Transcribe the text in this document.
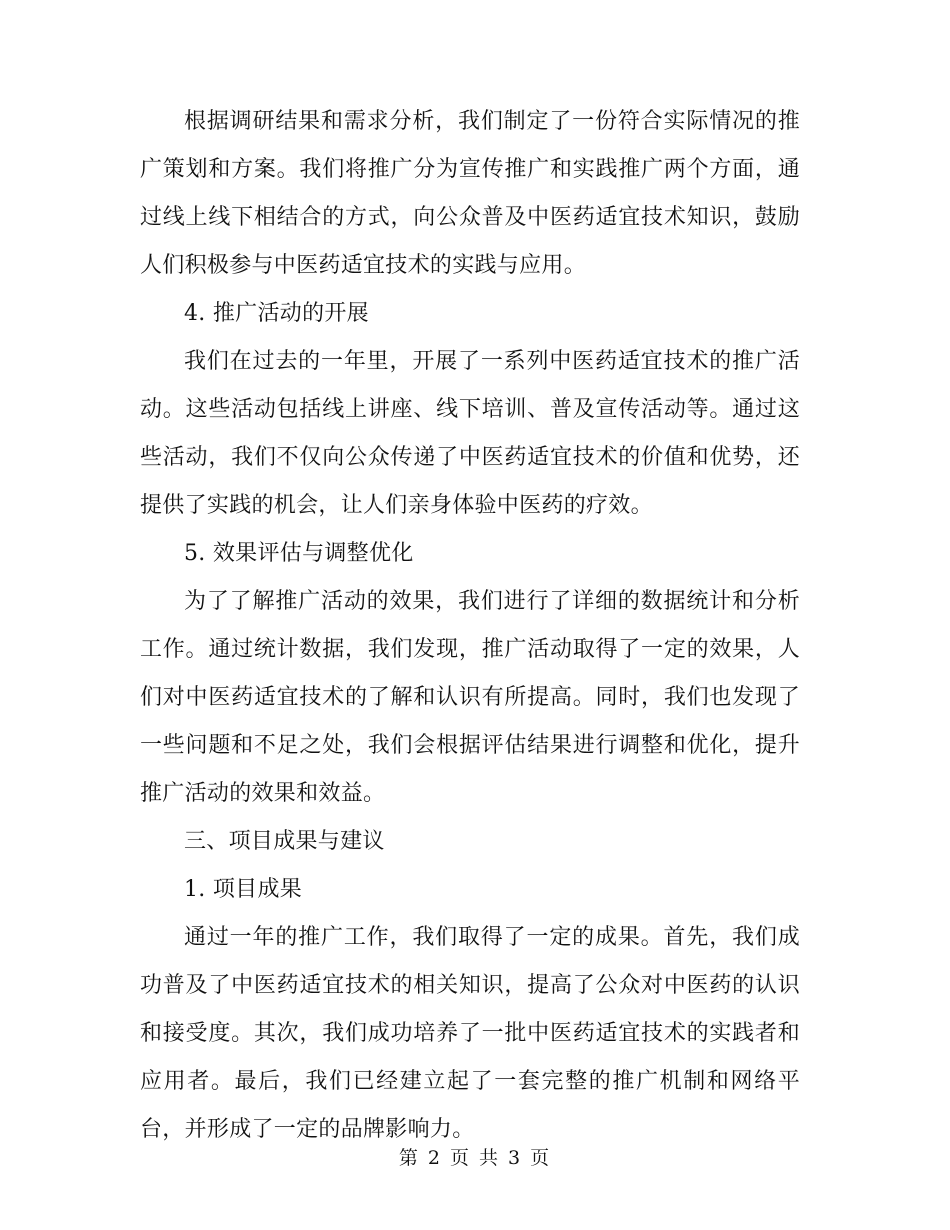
根据调研结果和需求分析，我们制定了一份符合实际情况的推广策划和方案。我们将推广分为宣传推广和实践推广两个方面，通过线上线下相结合的方式，向公众普及中医药适宜技术知识，鼓励人们积极参与中医药适宜技术的实践与应用。

4. 推广活动的开展

我们在过去的一年里，开展了一系列中医药适宜技术的推广活动。这些活动包括线上讲座、线下培训、普及宣传活动等。通过这些活动，我们不仅向公众传递了中医药适宜技术的价值和优势，还提供了实践的机会，让人们亲身体验中医药的疗效。

5. 效果评估与调整优化

为了了解推广活动的效果，我们进行了详细的数据统计和分析工作。通过统计数据，我们发现，推广活动取得了一定的效果，人们对中医药适宜技术的了解和认识有所提高。同时，我们也发现了一些问题和不足之处，我们会根据评估结果进行调整和优化，提升推广活动的效果和效益。

三、项目成果与建议

1. 项目成果

通过一年的推广工作，我们取得了一定的成果。首先，我们成功普及了中医药适宜技术的相关知识，提高了公众对中医药的认识和接受度。其次，我们成功培养了一批中医药适宜技术的实践者和应用者。最后，我们已经建立起了一套完整的推广机制和网络平台，并形成了一定的品牌影响力。

第 2 页 共 3 页
